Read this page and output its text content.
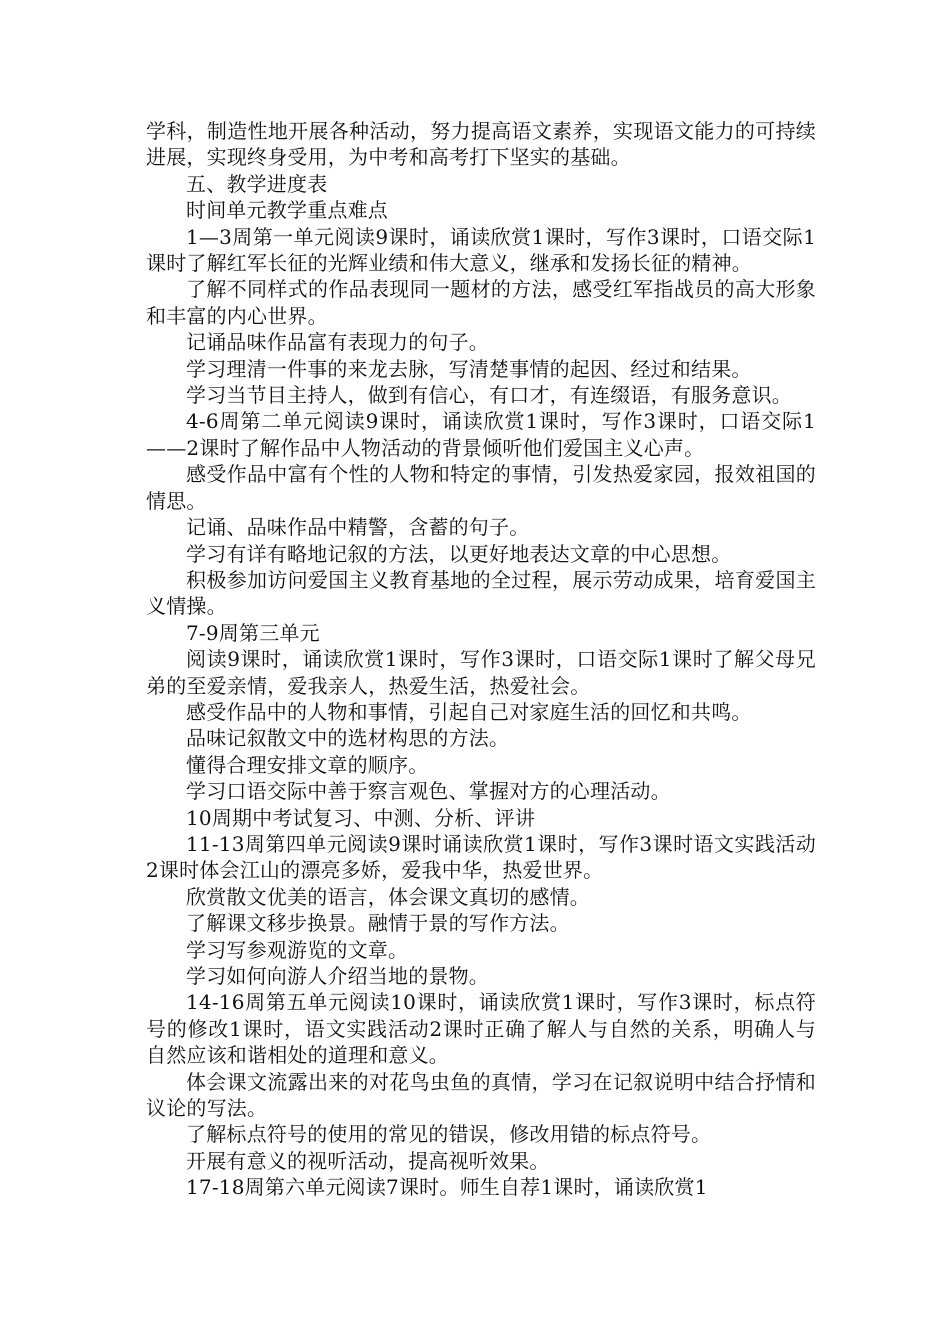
学科，制造性地开展各种活动，努力提高语文素养，实现语文能力的可持续进展，实现终身受用，为中考和高考打下坚实的基础。

五、教学进度表

时间单元教学重点难点

1—3周第一单元阅读9课时，诵读欣赏1课时，写作3课时，口语交际1课时了解红军长征的光辉业绩和伟大意义，继承和发扬长征的精神。

了解不同样式的作品表现同一题材的方法，感受红军指战员的高大形象和丰富的内心世界。

记诵品味作品富有表现力的句子。

学习理清一件事的来龙去脉，写清楚事情的起因、经过和结果。

学习当节目主持人，做到有信心，有口才，有连缀语，有服务意识。

4-6周第二单元阅读9课时，诵读欣赏1课时，写作3课时，口语交际1——2课时了解作品中人物活动的背景倾听他们爱国主义心声。

感受作品中富有个性的人物和特定的事情，引发热爱家园，报效祖国的情思。

记诵、品味作品中精警，含蓄的句子。

学习有详有略地记叙的方法，以更好地表达文章的中心思想。

积极参加访问爱国主义教育基地的全过程，展示劳动成果，培育爱国主义情操。

7-9周第三单元

阅读9课时，诵读欣赏1课时，写作3课时，口语交际1课时了解父母兄弟的至爱亲情，爱我亲人，热爱生活，热爱社会。

感受作品中的人物和事情，引起自己对家庭生活的回忆和共鸣。

品味记叙散文中的选材构思的方法。

懂得合理安排文章的顺序。

学习口语交际中善于察言观色、掌握对方的心理活动。

10周期中考试复习、中测、分析、评讲

11-13周第四单元阅读9课时诵读欣赏1课时，写作3课时语文实践活动2课时体会江山的漂亮多娇，爱我中华，热爱世界。

欣赏散文优美的语言，体会课文真切的感情。

了解课文移步换景。融情于景的写作方法。

学习写参观游览的文章。

学习如何向游人介绍当地的景物。

14-16周第五单元阅读10课时，诵读欣赏1课时，写作3课时，标点符号的修改1课时，语文实践活动2课时正确了解人与自然的关系，明确人与自然应该和谐相处的道理和意义。

体会课文流露出来的对花鸟虫鱼的真情，学习在记叙说明中结合抒情和议论的写法。

了解标点符号的使用的常见的错误，修改用错的标点符号。

开展有意义的视听活动，提高视听效果。

17-18周第六单元阅读7课时。师生自荐1课时，诵读欣赏1
